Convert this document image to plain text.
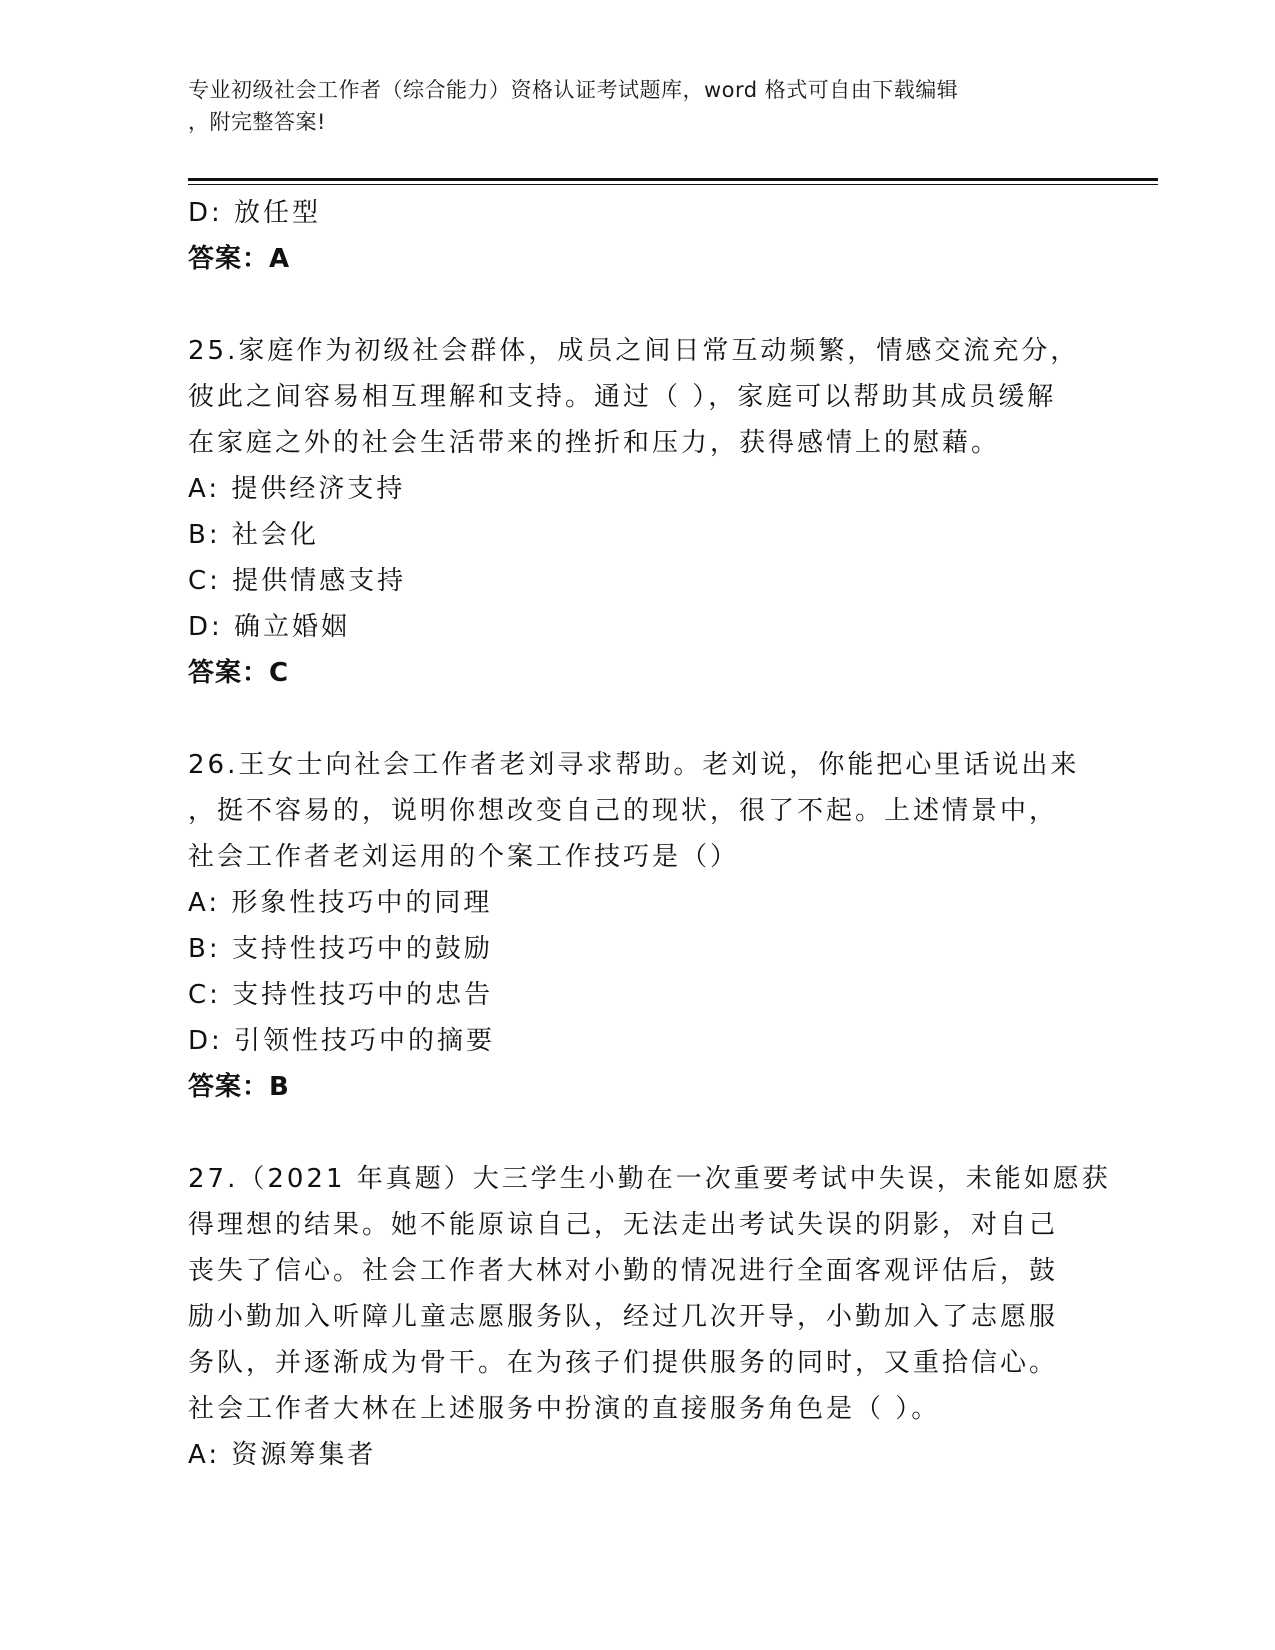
专业初级社会工作者（综合能力）资格认证考试题库，word 格式可自由下载编辑
，附完整答案!
D: 放任型
答案：A
25.家庭作为初级社会群体，成员之间日常互动频繁，情感交流充分，
彼此之间容易相互理解和支持。通过（ ），家庭可以帮助其成员缓解
在家庭之外的社会生活带来的挫折和压力，获得感情上的慰藉。
A: 提供经济支持
B: 社会化
C: 提供情感支持
D: 确立婚姻
答案：C
26.王女士向社会工作者老刘寻求帮助。老刘说，你能把心里话说出来
，挺不容易的，说明你想改变自己的现状，很了不起。上述情景中，
社会工作者老刘运用的个案工作技巧是（）
A: 形象性技巧中的同理
B: 支持性技巧中的鼓励
C: 支持性技巧中的忠告
D: 引领性技巧中的摘要
答案：B
27.（2021 年真题）大三学生小勤在一次重要考试中失误，未能如愿获
得理想的结果。她不能原谅自己，无法走出考试失误的阴影，对自己
丧失了信心。社会工作者大林对小勤的情况进行全面客观评估后，鼓
励小勤加入听障儿童志愿服务队，经过几次开导，小勤加入了志愿服
务队，并逐渐成为骨干。在为孩子们提供服务的同时，又重拾信心。
社会工作者大林在上述服务中扮演的直接服务角色是（ ）。
A: 资源筹集者
